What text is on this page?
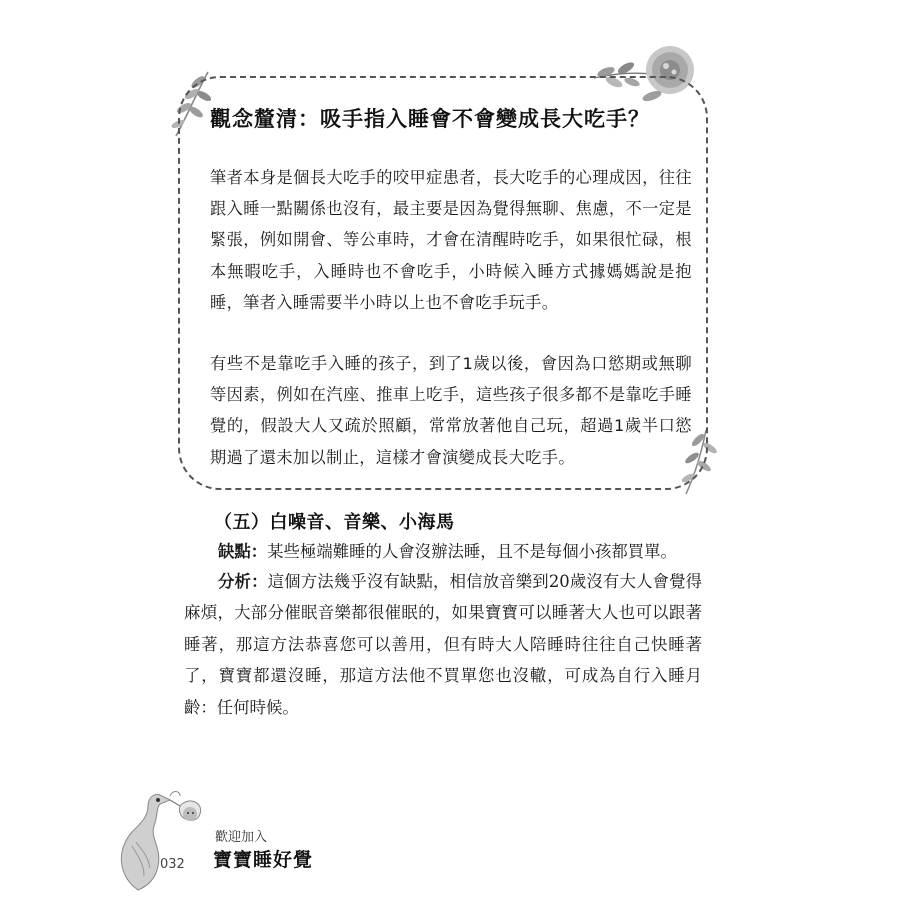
觀念釐清：吸手指入睡會不會變成長大吃手？
筆者本身是個長大吃手的咬甲症患者，長大吃手的心理成因，往往跟入睡一點關係也沒有，最主要是因為覺得無聊、焦慮，不一定是緊張，例如開會、等公車時，才會在清醒時吃手，如果很忙碌，根本無暇吃手，入睡時也不會吃手，小時候入睡方式據媽媽說是抱睡，筆者入睡需要半小時以上也不會吃手玩手。
有些不是靠吃手入睡的孩子，到了1歲以後，會因為口慾期或無聊等因素，例如在汽座、推車上吃手，這些孩子很多都不是靠吃手睡覺的，假設大人又疏於照顧，常常放著他自己玩，超過1歲半口慾期過了還未加以制止，這樣才會演變成長大吃手。
（五）白噪音、音樂、小海馬
缺點：某些極端難睡的人會沒辦法睡，且不是每個小孩都買單。
分析：這個方法幾乎沒有缺點，相信放音樂到20歲沒有大人會覺得麻煩，大部分催眠音樂都很催眠的，如果寶寶可以睡著大人也可以跟著睡著，那這方法恭喜您可以善用，但有時大人陪睡時往往自己快睡著了，寶寶都還沒睡，那這方法他不買單您也沒轍，可成為自行入睡月齡：任何時候。
032
歡迎加入
寶寶睡好覺
